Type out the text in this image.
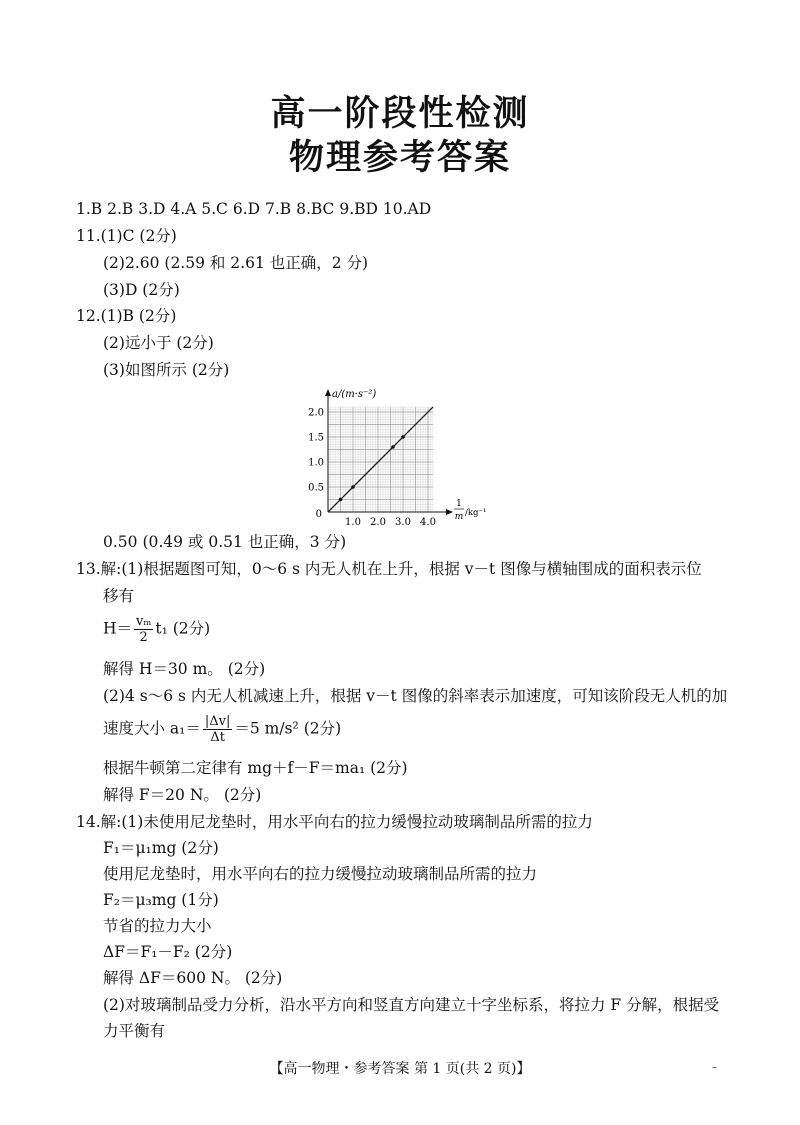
高一阶段性检测
物理参考答案
1.B 2.B 3.D 4.A 5.C 6.D 7.B 8.BC 9.BD 10.AD
11.(1)C (2分)
(2)2.60 (2.59 和 2.61 也正确，2 分)
(3)D (2分)
12.(1)B (2分)
(2)远小于 (2分)
(3)如图所示 (2分)
1.0 2.0 3.0 4.0
0.5
1.0
1.5
2.0
0
a/(m·s⁻²)
1
m /kg⁻¹
0.50 (0.49 或 0.51 也正确，3 分)
13.解:(1)根据题图可知，0～6 s 内无人机在上升，根据 v－t 图像与横轴围成的面积表示位
移有
$H= \frac{\text{vₘ}}{2} t_1$ (2分)
解得 H＝30 m。 (2分)
(2)4 s～6 s 内无人机减速上升，根据 v－t 图像的斜率表示加速度，可知该阶段无人机的加
速度大小 $a_1= \frac{|\Delta v|}{\Delta t} =5$ m/s² (2分)
根据牛顿第二定律有 mg＋f－F＝ma₁ (2分)
解得 F＝20 N。 (2分)
14.解:(1)未使用尼龙垫时，用水平向右的拉力缓慢拉动玻璃制品所需的拉力
F₁＝μ₁mg (2分)
使用尼龙垫时，用水平向右的拉力缓慢拉动玻璃制品所需的拉力
F₂＝μ₃mg (1分)
节省的拉力大小
ΔF＝F₁－F₂ (2分)
解得 ΔF＝600 N。 (2分)
(2)对玻璃制品受力分析，沿水平方向和竖直方向建立十字坐标系，将拉力 F 分解，根据受
力平衡有
【高一物理・参考答案 第 1 页(共 2 页)】	–
